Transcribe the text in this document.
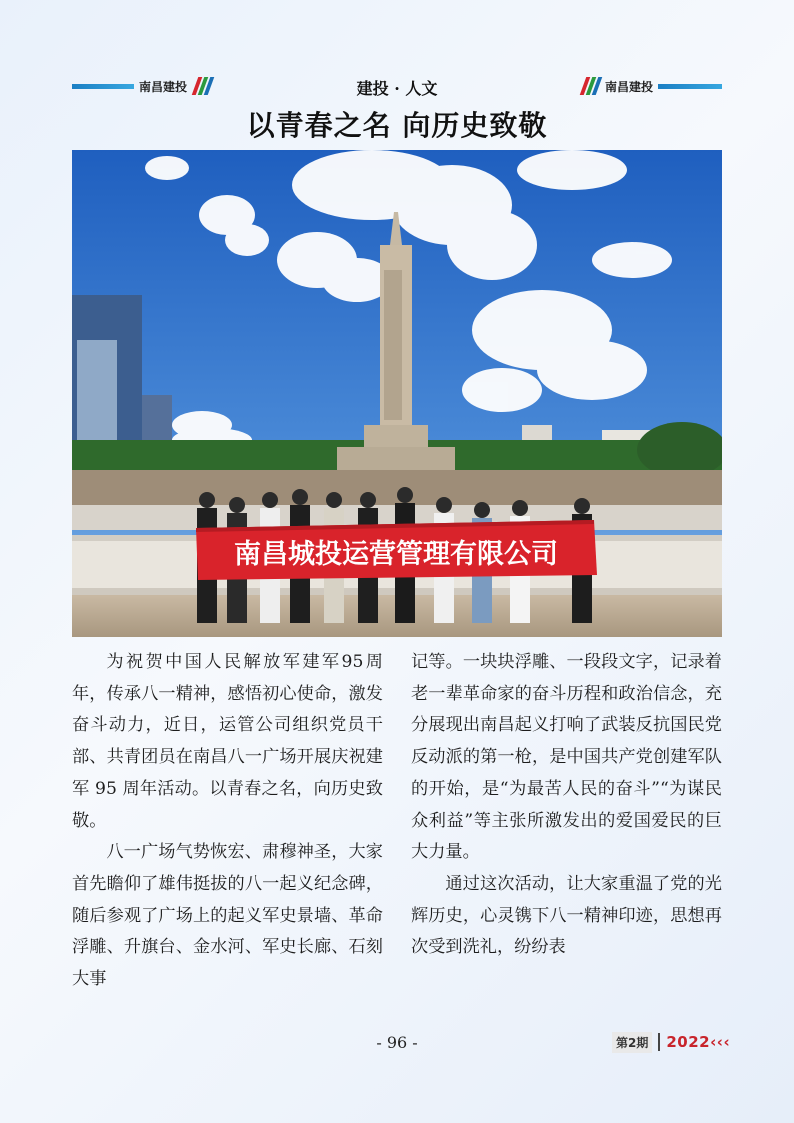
南昌建投	南昌建投
建投 · 人文
以青春之名 向历史致敬
南昌城投运营管理有限公司

为祝贺中国人民解放军建军95周年，传承八一精神，感悟初心使命，激发奋斗动力，近日，运管公司组织党员干部、共青团员在南昌八一广场开展庆祝建军 95 周年活动。以青春之名，向历史致敬。

八一广场气势恢宏、肃穆神圣，大家首先瞻仰了雄伟挺拔的八一起义纪念碑，随后参观了广场上的起义军史景墙、革命浮雕、升旗台、金水河、军史长廊、石刻大事

记等。一块块浮雕、一段段文字，记录着老一辈革命家的奋斗历程和政治信念，充分展现出南昌起义打响了武装反抗国民党反动派的第一枪，是中国共产党创建军队的开始，是“为最苦人民的奋斗”“为谋民众利益”等主张所激发出的爱国爱民的巨大力量。

通过这次活动，让大家重温了党的光辉历史，心灵镌下八一精神印迹，思想再次受到洗礼，纷纷表

- 96 -	第2期 2022 ‹‹‹
